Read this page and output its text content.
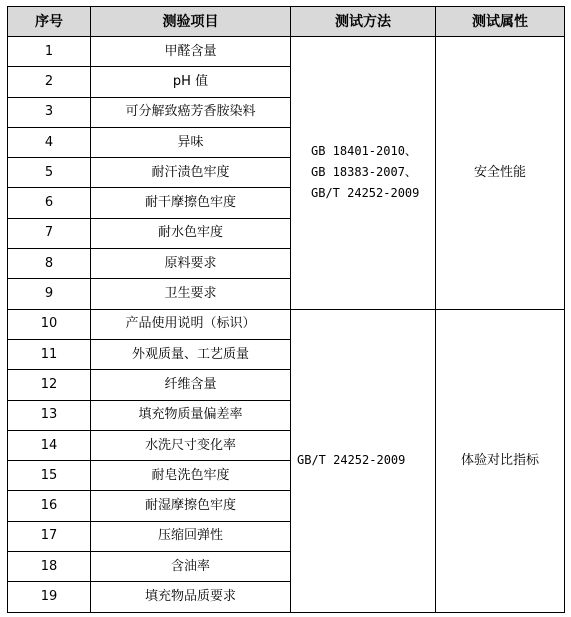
序号	测验项目	测试方法	测试属性
1	甲醛含量	GB 18401-2010、
GB 18383-2007、
GB/T 24252-2009	安全性能
2	pH 值		
3	可分解致癌芳香胺染料		
4	异味		
5	耐汗渍色牢度		
6	耐干摩擦色牢度		
7	耐水色牢度		
8	原料要求		
9	卫生要求		
10	产品使用说明（标识）	GB/T 24252-2009	体验对比指标
11	外观质量、工艺质量		
12	纤维含量		
13	填充物质量偏差率		
14	水洗尺寸变化率		
15	耐皂洗色牢度		
16	耐湿摩擦色牢度		
17	压缩回弹性		
18	含油率		
19	填充物品质要求		
